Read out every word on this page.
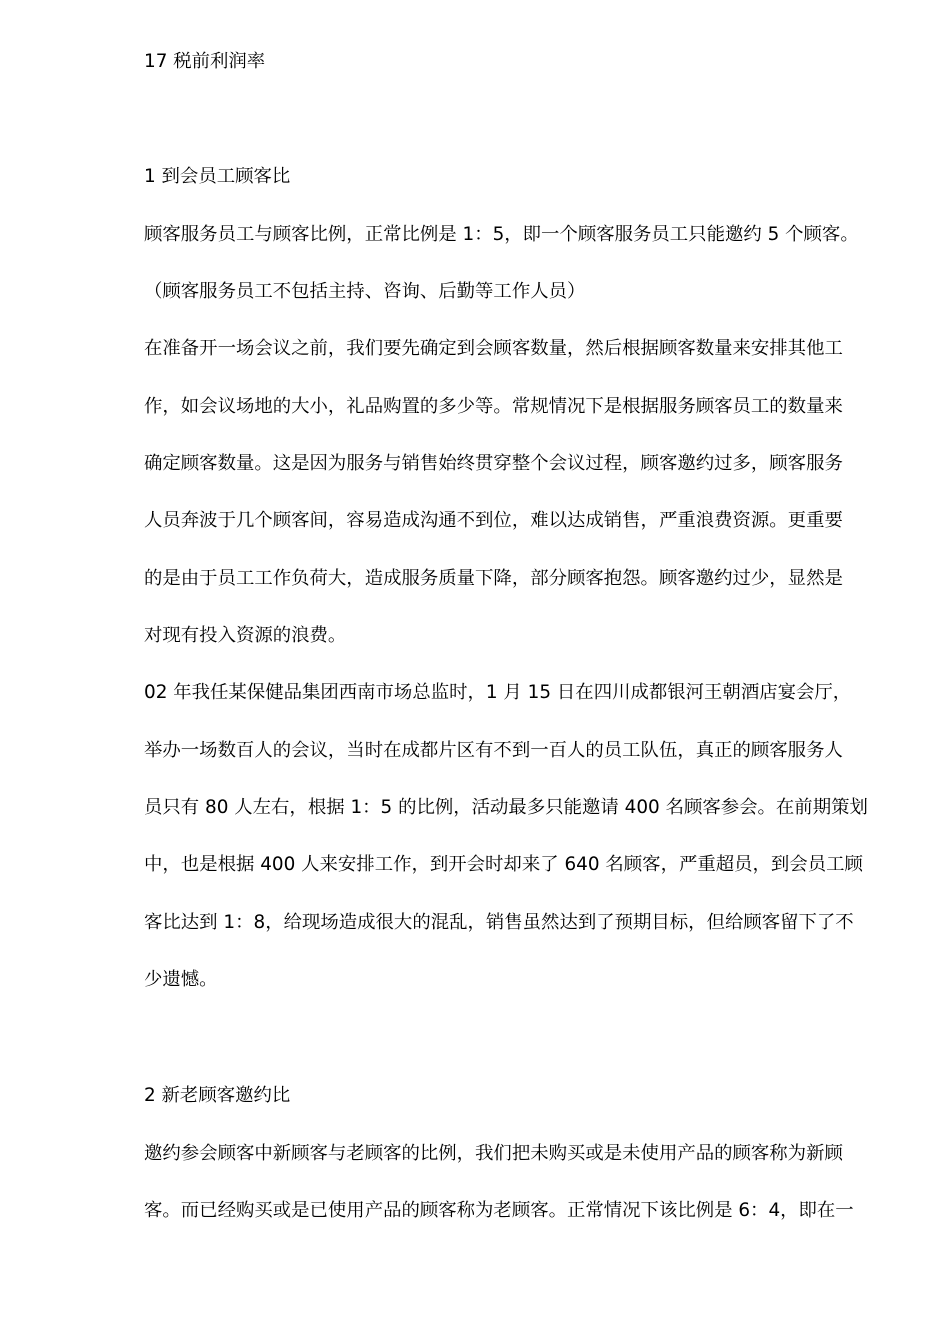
17 税前利润率
1 到会员工顾客比
顾客服务员工与顾客比例，正常比例是 1：5，即一个顾客服务员工只能邀约 5 个顾客。
（顾客服务员工不包括主持、咨询、后勤等工作人员）
在准备开一场会议之前，我们要先确定到会顾客数量，然后根据顾客数量来安排其他工
作，如会议场地的大小，礼品购置的多少等。常规情况下是根据服务顾客员工的数量来
确定顾客数量。这是因为服务与销售始终贯穿整个会议过程，顾客邀约过多，顾客服务
人员奔波于几个顾客间，容易造成沟通不到位，难以达成销售，严重浪费资源。更重要
的是由于员工工作负荷大，造成服务质量下降，部分顾客抱怨。顾客邀约过少，显然是
对现有投入资源的浪费。
02 年我任某保健品集团西南市场总监时，1 月 15 日在四川成都银河王朝酒店宴会厅，
举办一场数百人的会议，当时在成都片区有不到一百人的员工队伍，真正的顾客服务人
员只有 80 人左右，根据 1：5 的比例，活动最多只能邀请 400 名顾客参会。在前期策划
中，也是根据 400 人来安排工作，到开会时却来了 640 名顾客，严重超员，到会员工顾
客比达到 1：8，给现场造成很大的混乱，销售虽然达到了预期目标，但给顾客留下了不
少遗憾。
2 新老顾客邀约比
邀约参会顾客中新顾客与老顾客的比例，我们把未购买或是未使用产品的顾客称为新顾
客。而已经购买或是已使用产品的顾客称为老顾客。正常情况下该比例是 6：4，即在一
